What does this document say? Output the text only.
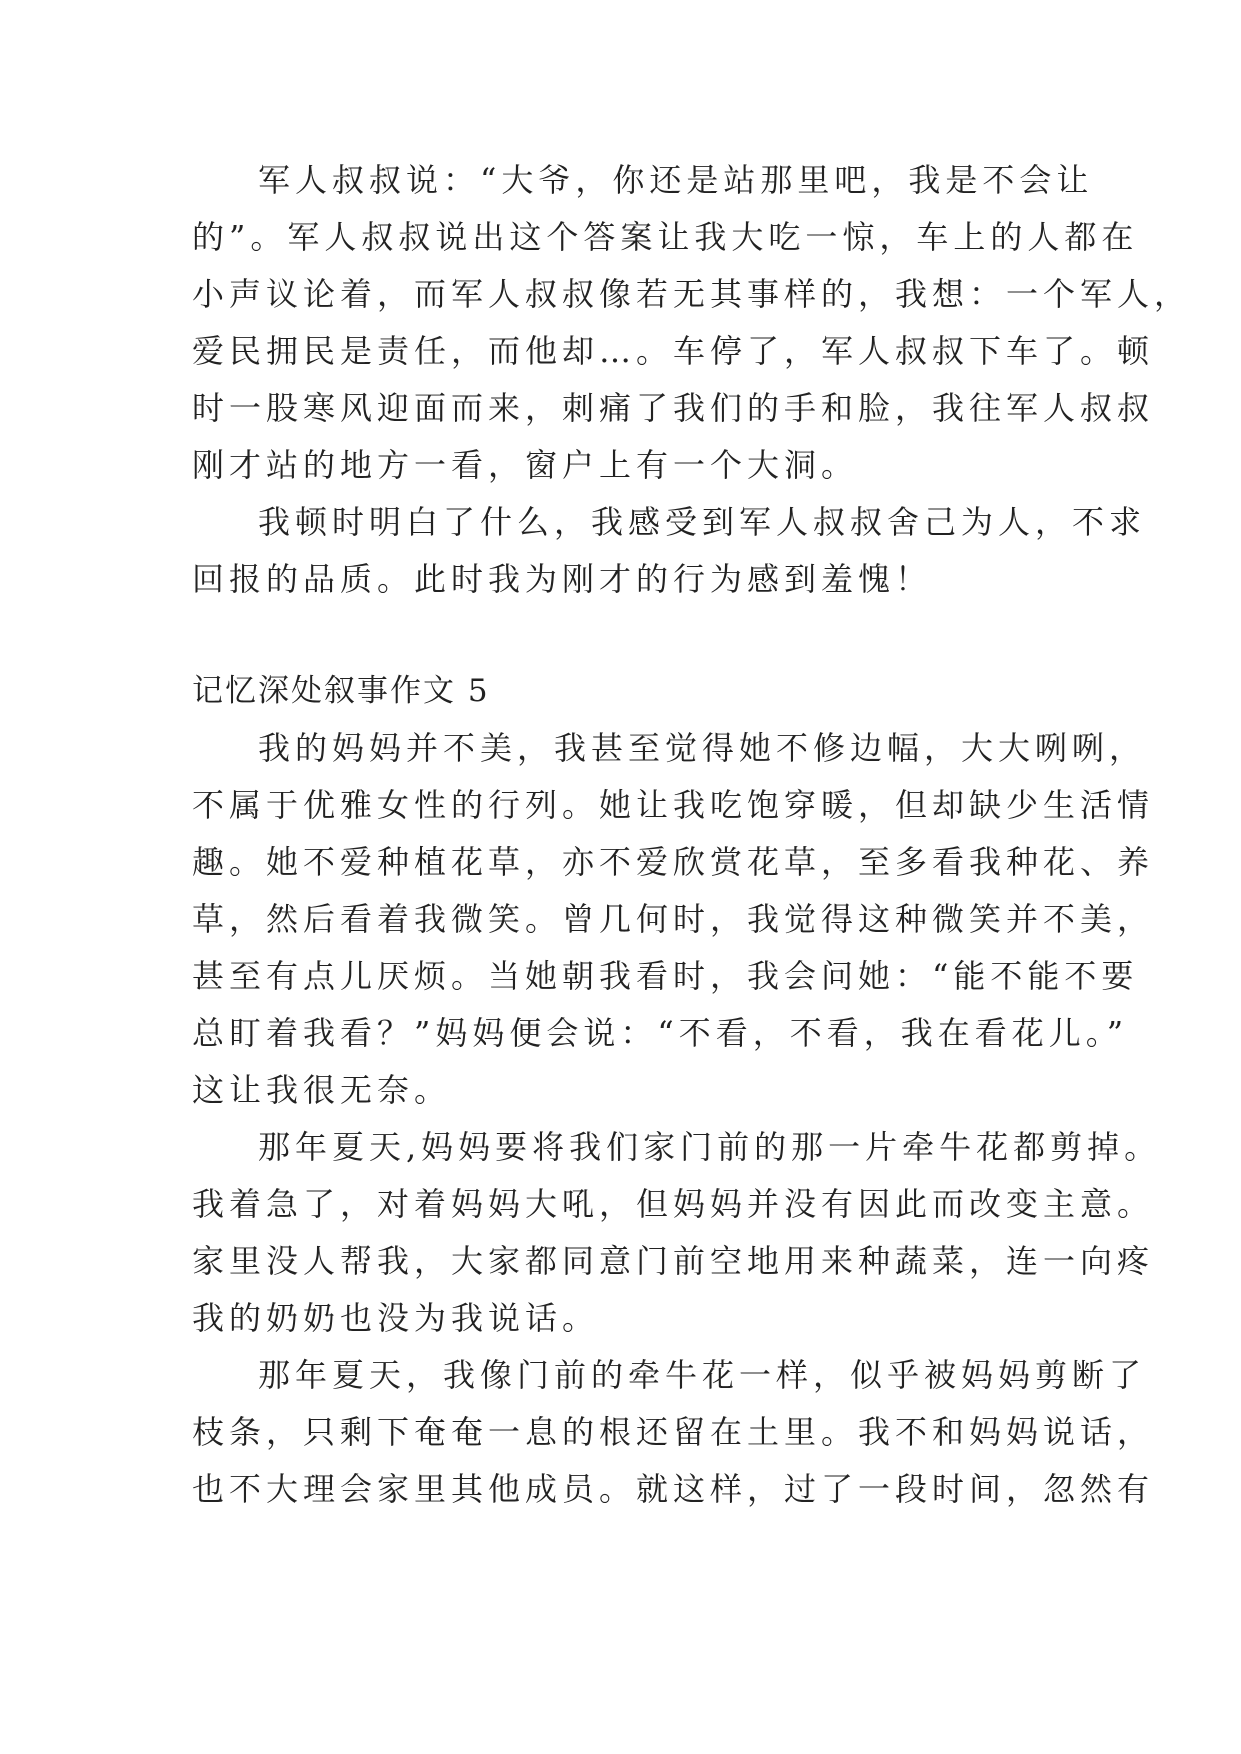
军人叔叔说：“大爷，你还是站那里吧，我是不会让
的”。军人叔叔说出这个答案让我大吃一惊，车上的人都在
小声议论着，而军人叔叔像若无其事样的，我想：一个军人，
爱民拥民是责任，而他却…。车停了，军人叔叔下车了。顿
时一股寒风迎面而来，刺痛了我们的手和脸，我往军人叔叔
刚才站的地方一看，窗户上有一个大洞。
我顿时明白了什么，我感受到军人叔叔舍己为人，不求
回报的品质。此时我为刚才的行为感到羞愧！
记忆深处叙事作文 5
我的妈妈并不美，我甚至觉得她不修边幅，大大咧咧，
不属于优雅女性的行列。她让我吃饱穿暖，但却缺少生活情
趣。她不爱种植花草，亦不爱欣赏花草，至多看我种花、养
草，然后看着我微笑。曾几何时，我觉得这种微笑并不美，
甚至有点儿厌烦。当她朝我看时，我会问她：“能不能不要
总盯着我看？”妈妈便会说：“不看，不看，我在看花儿。”
这让我很无奈。
那年夏天,妈妈要将我们家门前的那一片牵牛花都剪掉。
我着急了，对着妈妈大吼，但妈妈并没有因此而改变主意。
家里没人帮我，大家都同意门前空地用来种蔬菜，连一向疼
我的奶奶也没为我说话。
那年夏天，我像门前的牵牛花一样，似乎被妈妈剪断了
枝条，只剩下奄奄一息的根还留在土里。我不和妈妈说话，
也不大理会家里其他成员。就这样，过了一段时间，忽然有
